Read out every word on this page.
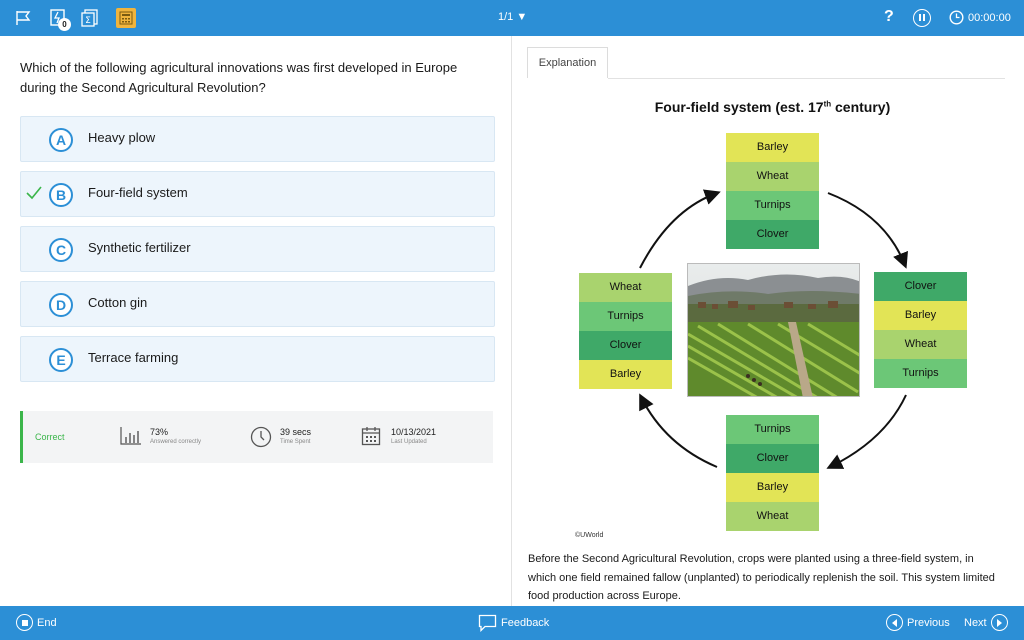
0	Σ	1/1 ▼	?	00:00:00
Which of the following agricultural innovations was first developed in Europe during the Second Agricultural Revolution?
A	Heavy plow
B	Four-field system
C	Synthetic fertilizer
D	Cotton gin
E	Terrace farming
Correct	73%
Answered correctly
39 secs
Time Spent
10/13/2021
Last Updated
Explanation
Four-field system (est. 17th century)
Barley
Wheat
Turnips
Clover
Clover
Barley
Wheat
Turnips
Turnips
Clover
Barley
Wheat
Wheat
Turnips
Clover
Barley
©UWorld
Before the Second Agricultural Revolution, crops were planted using a three-field system, in which one field remained fallow (unplanted) to periodically replenish the soil. This system limited food production across Europe.
End	Feedback	Previous Next
